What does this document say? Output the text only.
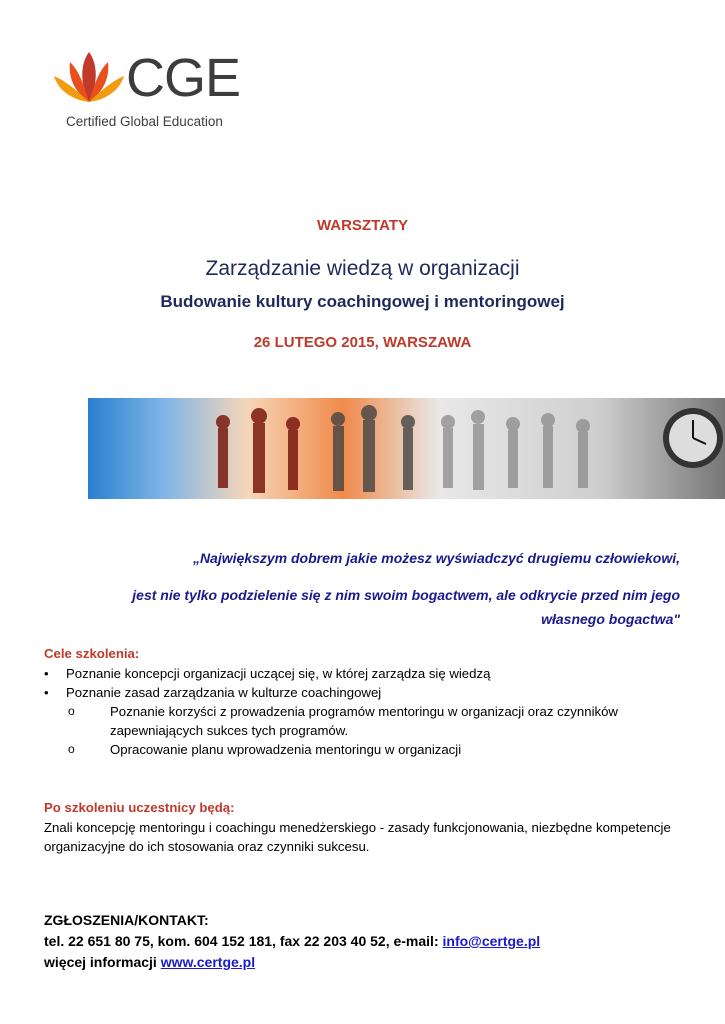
CGE
Certified Global Education
WARSZTATY
Zarządzanie wiedzą w organizacji
Budowanie kultury coachingowej i mentoringowej
26 LUTEGO 2015, WARSZAWA
„Największym dobrem jakie możesz wyświadczyć drugiemu człowiekowi,
jest nie tylko podzielenie się z nim swoim bogactwem, ale odkrycie przed nim jego
własnego bogactwa"
Cele szkolenia:
• Poznanie koncepcji organizacji uczącej się, w której zarządza się wiedzą
• Poznanie zasad zarządzania w kulturze coachingowej
o	Poznanie korzyści z prowadzenia programów mentoringu w organizacji oraz czynników zapewniających sukces tych programów.
o	Opracowanie planu wprowadzenia mentoringu w organizacji
Po szkoleniu uczestnicy będą:
Znali koncepcję mentoringu i coachingu menedżerskiego - zasady funkcjonowania, niezbędne kompetencje organizacyjne do ich stosowania oraz czynniki sukcesu.
ZGŁOSZENIA/KONTAKT:
tel. 22 651 80 75, kom. 604 152 181, fax 22 203 40 52, e-mail: info@certge.pl
więcej informacji www.certge.pl
